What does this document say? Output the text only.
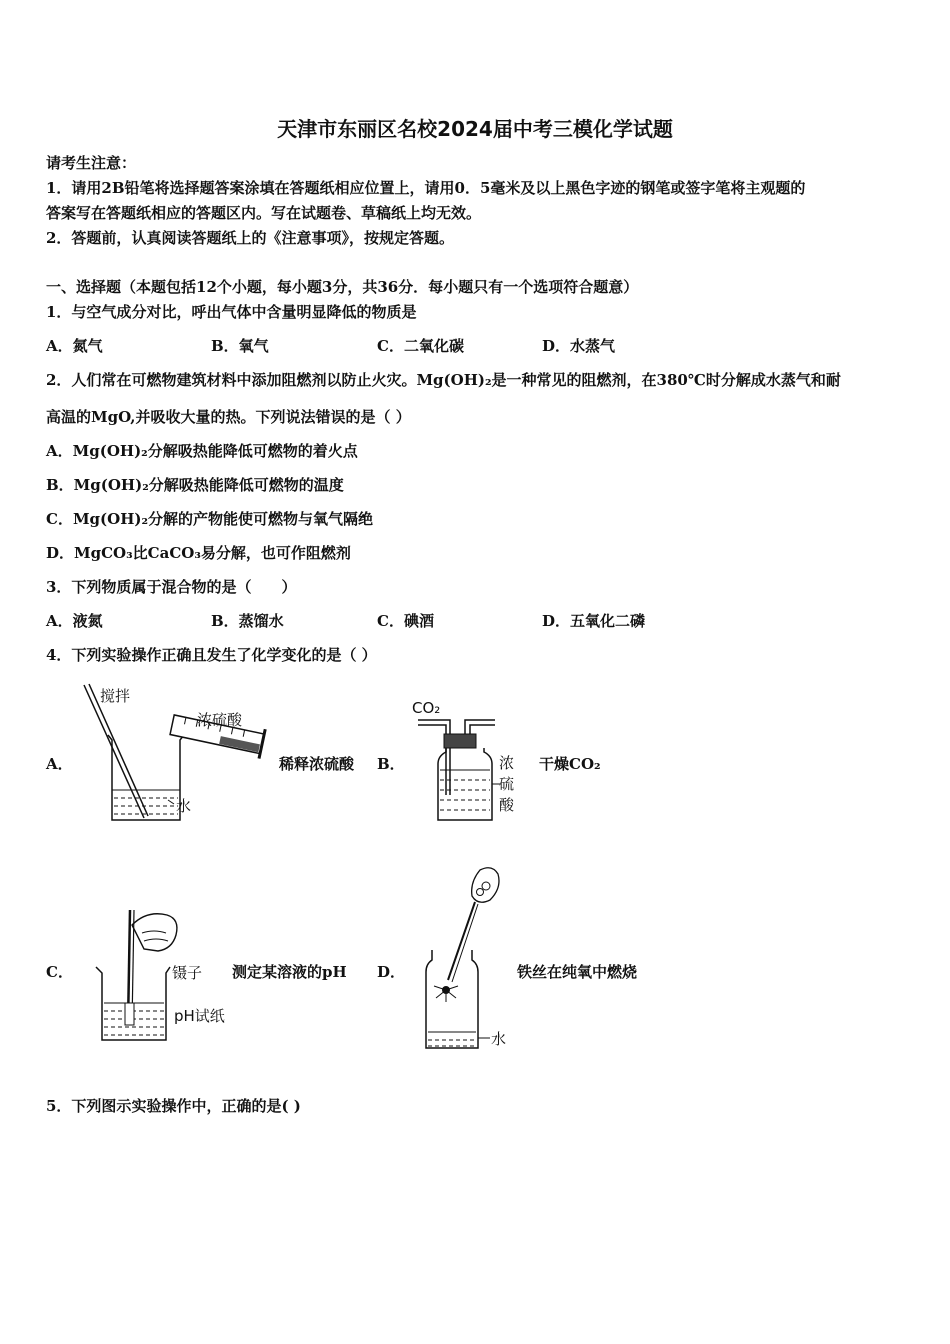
天津市东丽区名校2024届中考三模化学试题
请考生注意：
1．请用2B铅笔将选择题答案涂填在答题纸相应位置上，请用0．5毫米及以上黑色字迹的钢笔或签字笔将主观题的
答案写在答题纸相应的答题区内。写在试题卷、草稿纸上均无效。
2．答题前，认真阅读答题纸上的《注意事项》，按规定答题。
一、选择题（本题包括12个小题，每小题3分，共36分．每小题只有一个选项符合题意）
1．与空气成分对比，呼出气体中含量明显降低的物质是
A．氮气	B．氧气	C．二氧化碳	D．水蒸气
2．人们常在可燃物建筑材料中添加阻燃剂以防止火灾。Mg(OH)₂是一种常见的阻燃剂，在380℃时分解成水蒸气和耐
高温的MgO,并吸收大量的热。下列说法错误的是（ ）
A．Mg(OH)₂分解吸热能降低可燃物的着火点
B．Mg(OH)₂分解吸热能降低可燃物的温度
C．Mg(OH)₂分解的产物能使可燃物与氧气隔绝
D．MgCO₃比CaCO₃易分解，也可作阻燃剂
3．下列物质属于混合物的是（　　）
A．液氮	B．蒸馏水	C．碘酒	D．五氧化二磷
4．下列实验操作正确且发生了化学变化的是（ ）
A．
搅拌
浓硫酸
水
稀释浓硫酸 B．
CO₂
浓
硫
酸
干燥CO₂
C．	镊子
pH试纸
测定某溶液的pH D．
水
铁丝在纯氧中燃烧
5．下列图示实验操作中，正确的是( )
